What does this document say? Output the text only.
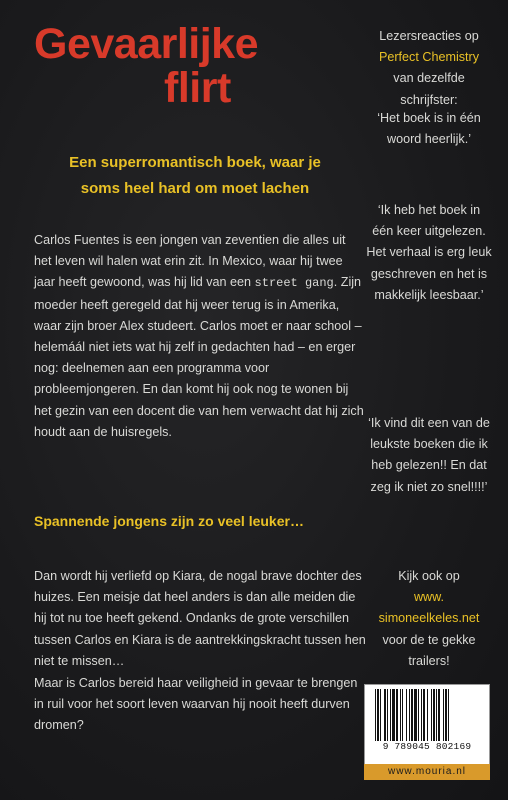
Gevaarlijke
flirt

Een superromantisch boek, waar je
soms heel hard om moet lachen

Carlos Fuentes is een jongen van zeventien die alles uit het leven wil halen wat erin zit. In Mexico, waar hij twee jaar heeft gewoond, was hij lid van een street gang. Zijn moeder heeft geregeld dat hij weer terug is in Amerika, waar zijn broer Alex studeert. Carlos moet er naar school – helemáál niet iets wat hij zelf in gedachten had – en erger nog: deelnemen aan een programma voor probleemjongeren. En dan komt hij ook nog te wonen bij het gezin van een docent die van hem verwacht dat hij zich houdt aan de huisregels.

Spannende jongens zijn zo veel leuker…

Dan wordt hij verliefd op Kiara, de nogal brave dochter des huizes. Een meisje dat heel anders is dan alle meiden die hij tot nu toe heeft gekend. Ondanks de grote verschillen tussen Carlos en Kiara is de aantrekkingskracht tussen hen niet te missen…

Maar is Carlos bereid haar veiligheid in gevaar te brengen in ruil voor het soort leven waarvan hij nooit heeft durven dromen?

Lezersreacties op
Perfect Chemistry
van dezelfde
schrijfster:

‘Het boek is in één woord heerlijk.’

‘Ik heb het boek in één keer uitgelezen. Het verhaal is erg leuk geschreven en het is makkelijk leesbaar.’

‘Ik vind dit een van de leukste boeken die ik heb gelezen!! En dat zeg ik niet zo snel!!!!’

Kijk ook op
www.
simoneelkeles.net
voor de te gekke trailers!

9 789045 802169
www.mouria.nl
